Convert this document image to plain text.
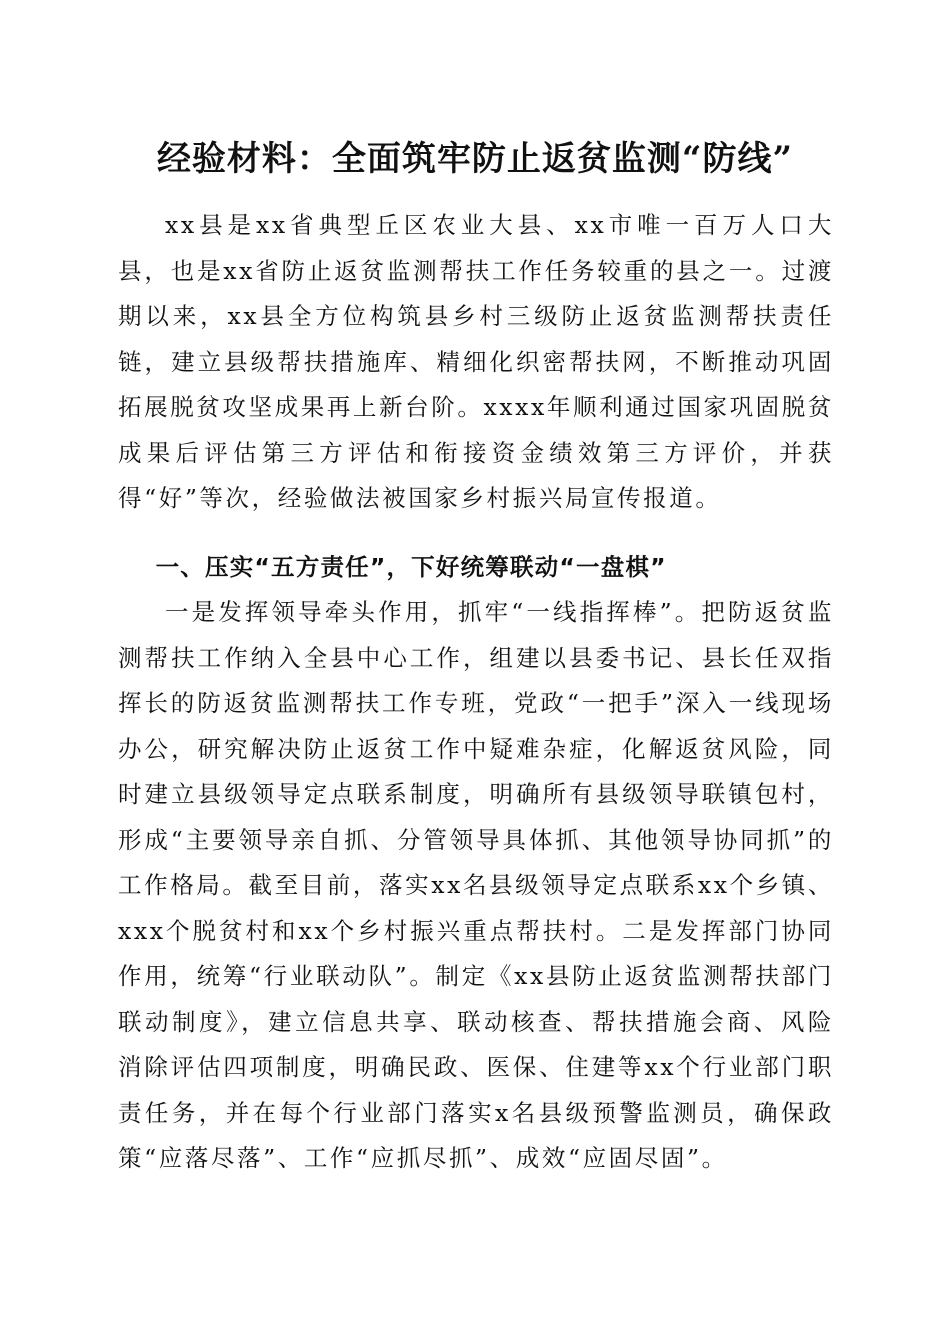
经验材料：全面筑牢防止返贫监测“防线”

xx县是xx省典型丘区农业大县、xx市唯一百万人口大县，也是xx省防止返贫监测帮扶工作任务较重的县之一。过渡期以来，xx县全方位构筑县乡村三级防止返贫监测帮扶责任链，建立县级帮扶措施库、精细化织密帮扶网，不断推动巩固拓展脱贫攻坚成果再上新台阶。xxxx年顺利通过国家巩固脱贫成果后评估第三方评估和衔接资金绩效第三方评价，并获得“好”等次，经验做法被国家乡村振兴局宣传报道。

一、压实“五方责任”，下好统筹联动“一盘棋”

一是发挥领导牵头作用，抓牢“一线指挥棒”。把防返贫监测帮扶工作纳入全县中心工作，组建以县委书记、县长任双指挥长的防返贫监测帮扶工作专班，党政“一把手”深入一线现场办公，研究解决防止返贫工作中疑难杂症，化解返贫风险，同时建立县级领导定点联系制度，明确所有县级领导联镇包村，形成“主要领导亲自抓、分管领导具体抓、其他领导协同抓”的工作格局。截至目前，落实xx名县级领导定点联系xx个乡镇、xxx个脱贫村和xx个乡村振兴重点帮扶村。二是发挥部门协同作用，统筹“行业联动队”。制定《xx县防止返贫监测帮扶部门联动制度》，建立信息共享、联动核查、帮扶措施会商、风险消除评估四项制度，明确民政、医保、住建等xx个行业部门职责任务，并在每个行业部门落实x名县级预警监测员，确保政策“应落尽落”、工作“应抓尽抓”、成效“应固尽固”。
